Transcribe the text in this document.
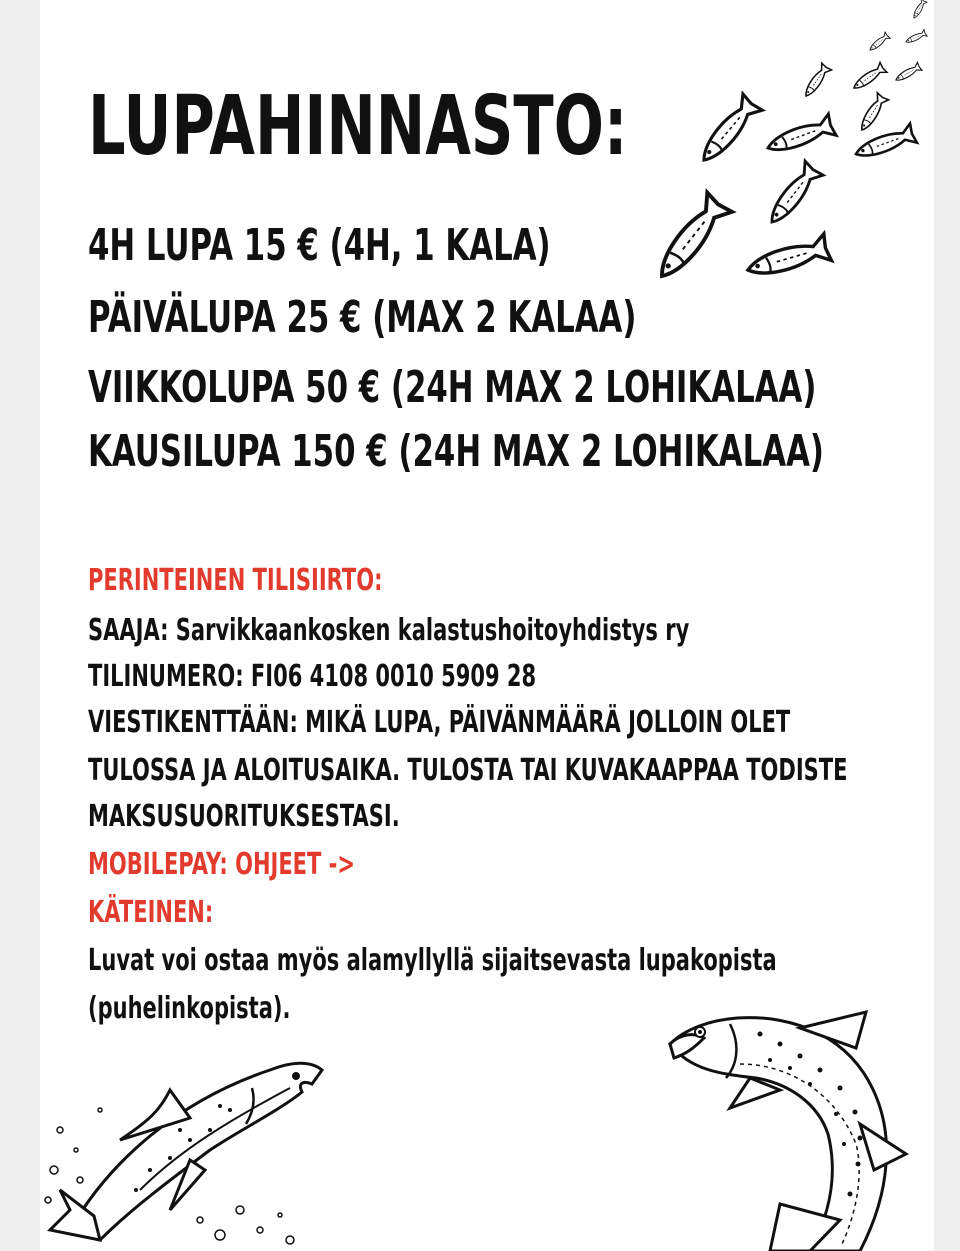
LUPAHINNASTO:
4H LUPA 15 € (4H, 1 KALA)
PÄIVÄLUPA 25 € (MAX 2 KALAA)
VIIKKOLUPA 50 € (24H MAX 2 LOHIKALAA)
KAUSILUPA 150 € (24H MAX 2 LOHIKALAA)
PERINTEINEN TILISIIRTO:
SAAJA: Sarvikkaankosken kalastushoitoyhdistys ry
TILINUMERO: FI06 4108 0010 5909 28
VIESTIKENTTÄÄN: MIKÄ LUPA, PÄIVÄNMÄÄRÄ JOLLOIN OLET
TULOSSA JA ALOITUSAIKA. TULOSTA TAI KUVAKAAPPAA TODISTE
MAKSUSUORITUKSESTASI.
MOBILEPAY: OHJEET ->
KÄTEINEN:
Luvat voi ostaa myös alamyllyllä sijaitsevasta lupakopista
(puhelinkopista).
